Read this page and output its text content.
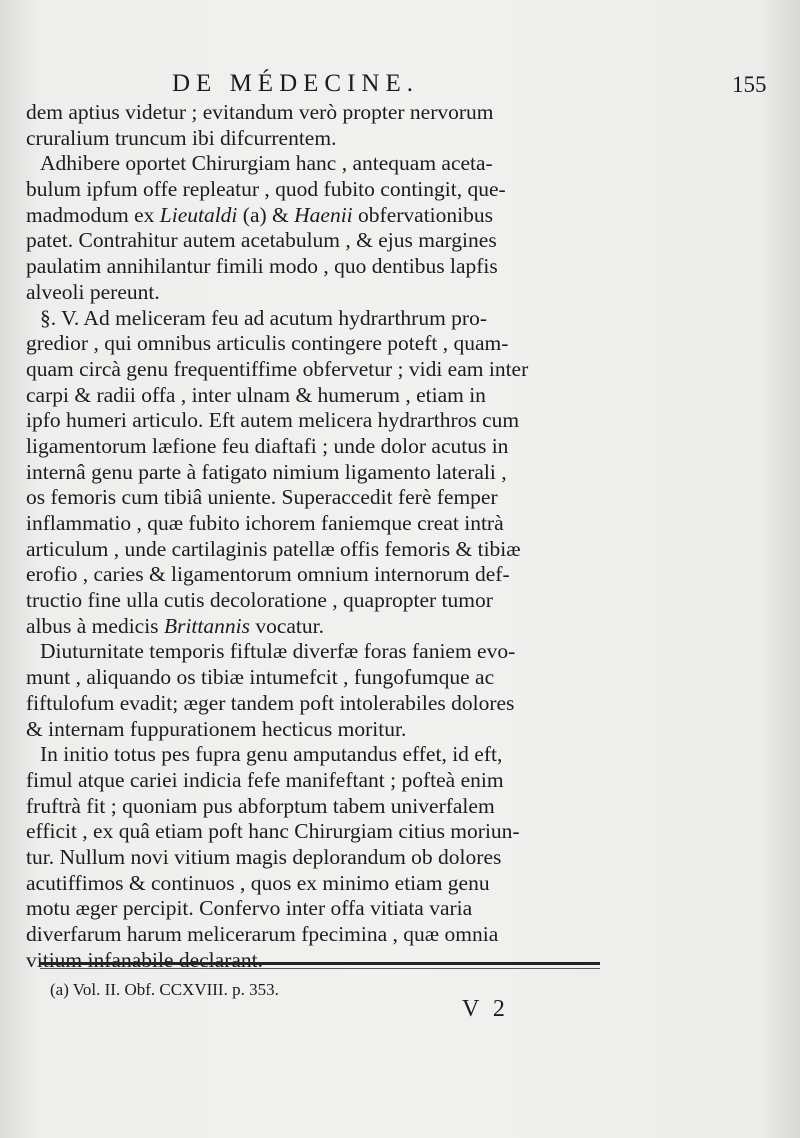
DE MÉDECINE.	155
dem aptius videtur ; evitandum verò propter nervorum
cruralium truncum ibi difcurrentem.
Adhibere oportet Chirurgiam hanc , antequam aceta-
bulum ipfum offe repleatur , quod fubito contingit, que-
madmodum ex Lieutaldi (a) & Haenii obfervationibus
patet. Contrahitur autem acetabulum , & ejus margines
paulatim annihilantur fimili modo , quo dentibus lapfis
alveoli pereunt.
§. V. Ad meliceram feu ad acutum hydrarthrum pro-
gredior , qui omnibus articulis contingere poteft , quam-
quam circà genu frequentiffime obfervetur ; vidi eam inter
carpi & radii offa , inter ulnam & humerum , etiam in
ipfo humeri articulo. Eft autem melicera hydrarthros cum
ligamentorum læfione feu diaftafi ; unde dolor acutus in
internâ genu parte à fatigato nimium ligamento laterali ,
os femoris cum tibiâ uniente. Superaccedit ferè femper
inflammatio , quæ fubito ichorem faniemque creat intrà
articulum , unde cartilaginis patellæ offis femoris & tibiæ
erofio , caries & ligamentorum omnium internorum def-
tructio fine ulla cutis decoloratione , quapropter tumor
albus à medicis Brittannis vocatur.
Diuturnitate temporis fiftulæ diverfæ foras faniem evo-
munt , aliquando os tibiæ intumefcit , fungofumque ac
fiftulofum evadit; æger tandem poft intolerabiles dolores
& internam fuppurationem hecticus moritur.
In initio totus pes fupra genu amputandus effet, id eft,
fimul atque cariei indicia fefe manifeftant ; pofteà enim
fruftrà fit ; quoniam pus abforptum tabem univerfalem
efficit , ex quâ etiam poft hanc Chirurgiam citius moriun-
tur. Nullum novi vitium magis deplorandum ob dolores
acutiffimos & continuos , quos ex minimo etiam genu
motu æger percipit. Confervo inter offa vitiata varia
diverfarum harum melicerarum fpecimina , quæ omnia
vitium infanabile declarant.
(a) Vol. II. Obf. CCXVIII. p. 353.
V 2
